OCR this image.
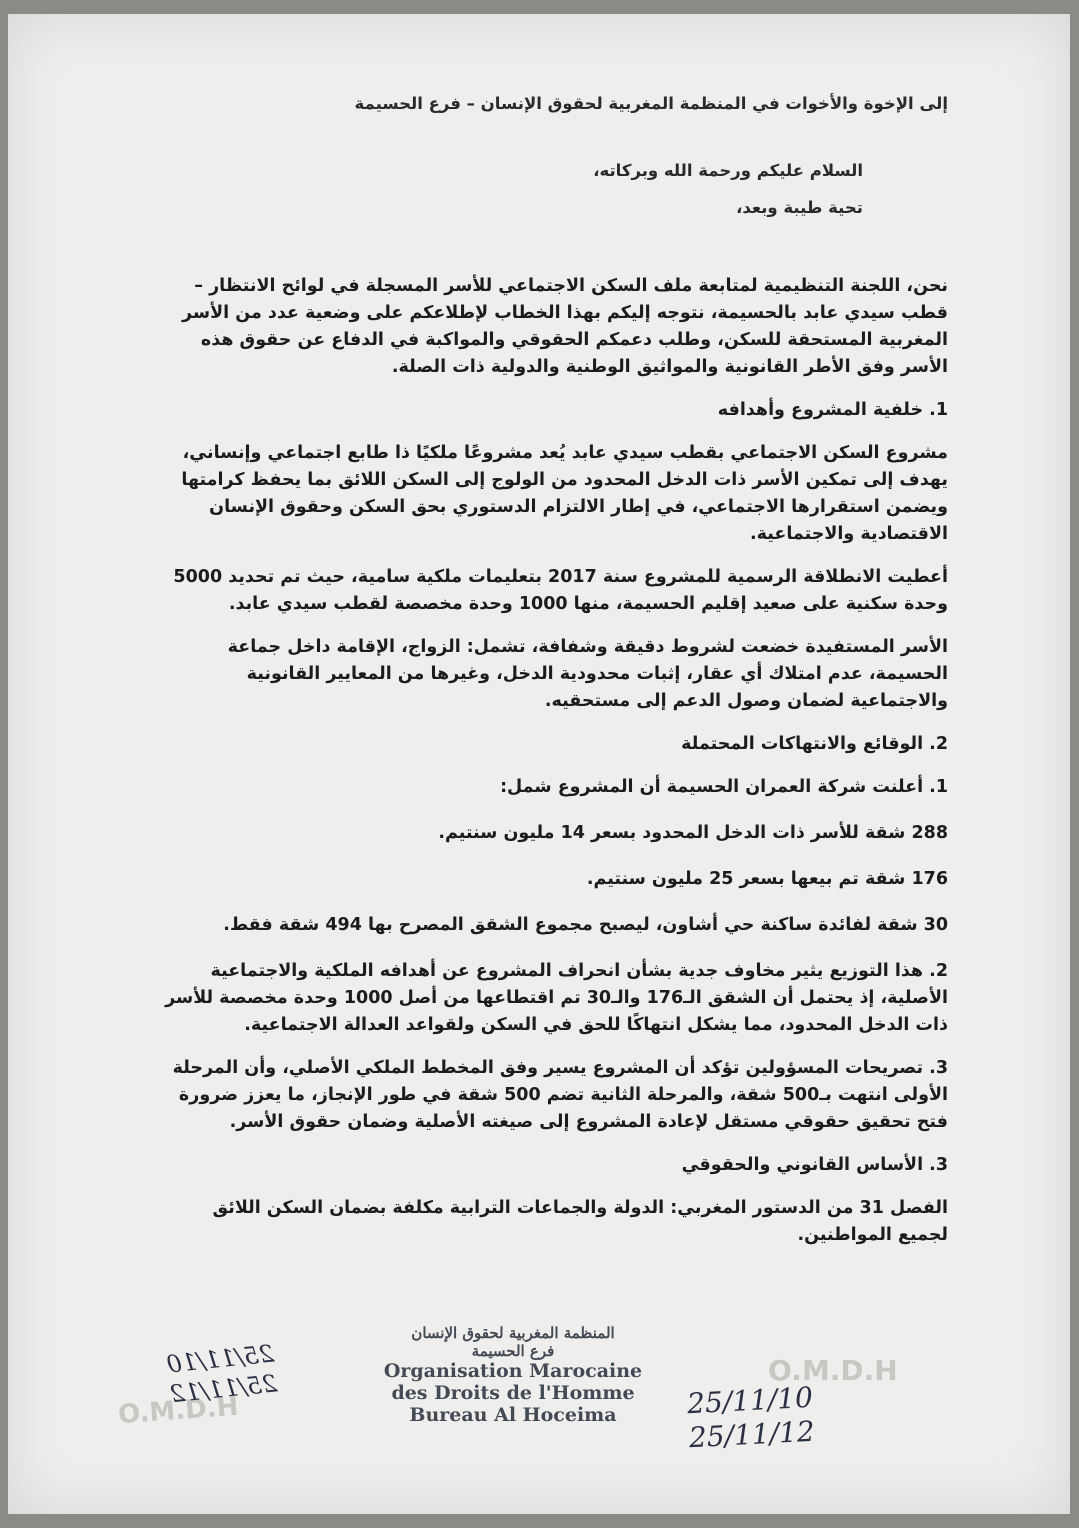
إلى الإخوة والأخوات في المنظمة المغربية لحقوق الإنسان – فرع الحسيمة
السلام عليكم ورحمة الله وبركاته،
تحية طيبة وبعد،

نحن، اللجنة التنظيمية لمتابعة ملف السكن الاجتماعي للأسر المسجلة في لوائح الانتظار – قطب سيدي عابد بالحسيمة، نتوجه إليكم بهذا الخطاب لإطلاعكم على وضعية عدد من الأسر المغربية المستحقة للسكن، وطلب دعمكم الحقوقي والمواكبة في الدفاع عن حقوق هذه الأسر وفق الأطر القانونية والمواثيق الوطنية والدولية ذات الصلة.

1. خلفية المشروع وأهدافه

مشروع السكن الاجتماعي بقطب سيدي عابد يُعد مشروعًا ملكيًا ذا طابع اجتماعي وإنساني، يهدف إلى تمكين الأسر ذات الدخل المحدود من الولوج إلى السكن اللائق بما يحفظ كرامتها ويضمن استقرارها الاجتماعي، في إطار الالتزام الدستوري بحق السكن وحقوق الإنسان الاقتصادية والاجتماعية.

أعطيت الانطلاقة الرسمية للمشروع سنة 2017 بتعليمات ملكية سامية، حيث تم تحديد 5000 وحدة سكنية على صعيد إقليم الحسيمة، منها 1000 وحدة مخصصة لقطب سيدي عابد.

الأسر المستفيدة خضعت لشروط دقيقة وشفافة، تشمل: الزواج، الإقامة داخل جماعة الحسيمة، عدم امتلاك أي عقار، إثبات محدودية الدخل، وغيرها من المعايير القانونية والاجتماعية لضمان وصول الدعم إلى مستحقيه.

2. الوقائع والانتهاكات المحتملة
1. أعلنت شركة العمران الحسيمة أن المشروع شمل:
288 شقة للأسر ذات الدخل المحدود بسعر 14 مليون سنتيم.
176 شقة تم بيعها بسعر 25 مليون سنتيم.
30 شقة لفائدة ساكنة حي أشاون، ليصبح مجموع الشقق المصرح بها 494 شقة فقط.

2. هذا التوزيع يثير مخاوف جدية بشأن انحراف المشروع عن أهدافه الملكية والاجتماعية الأصلية، إذ يحتمل أن الشقق الـ176 والـ30 تم اقتطاعها من أصل 1000 وحدة مخصصة للأسر ذات الدخل المحدود، مما يشكل انتهاكًا للحق في السكن ولقواعد العدالة الاجتماعية.

3. تصريحات المسؤولين تؤكد أن المشروع يسير وفق المخطط الملكي الأصلي، وأن المرحلة الأولى انتهت بـ500 شقة، والمرحلة الثانية تضم 500 شقة في طور الإنجاز، ما يعزز ضرورة فتح تحقيق حقوقي مستقل لإعادة المشروع إلى صيغته الأصلية وضمان حقوق الأسر.

3. الأساس القانوني والحقوقي

الفصل 31 من الدستور المغربي: الدولة والجماعات الترابية مكلفة بضمان السكن اللائق لجميع المواطنين.

O.M.D.H
O.M.D.H
25/11/10
25/11/12
المنظمة المغربية لحقوق الإنسان
فرع الحسيمة
Organisation Marocaine
des Droits de l'Homme
Bureau Al Hoceima	25/11/10
25/11/12
